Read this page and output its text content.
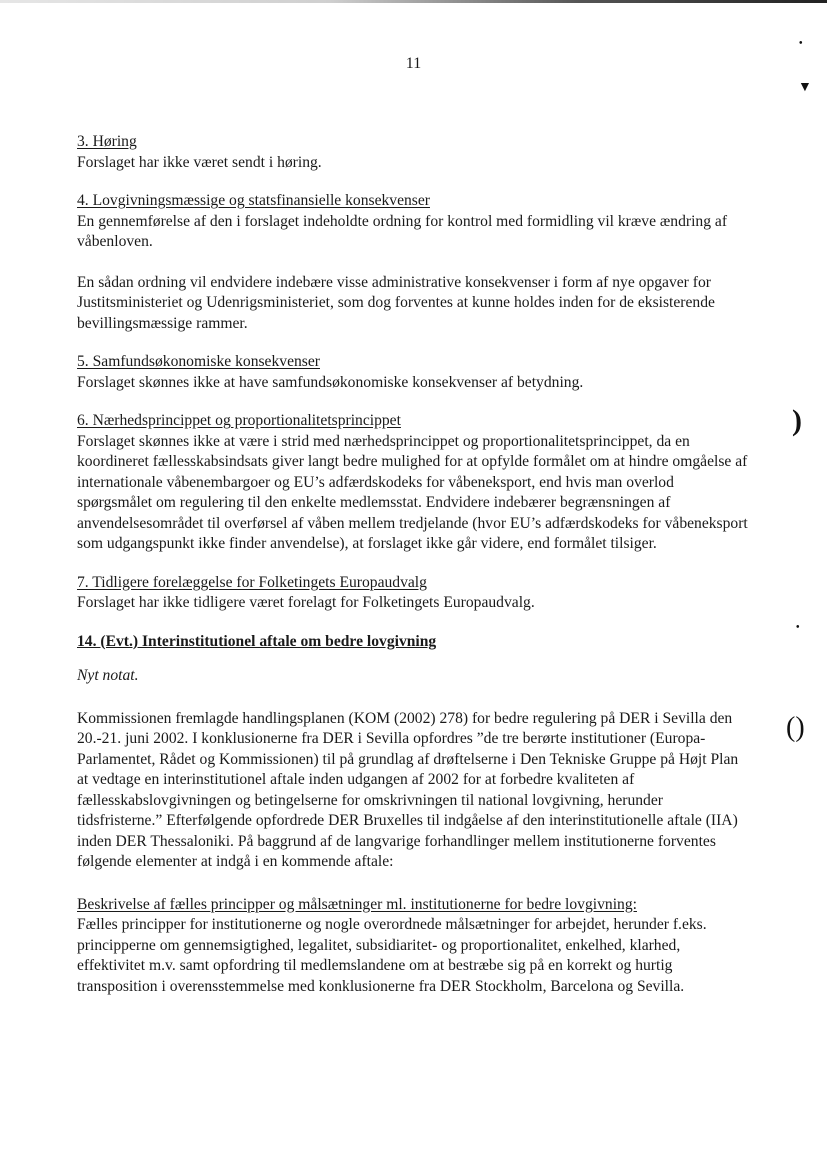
11
•
▼
)
•
()
3. Høring

Forslaget har ikke været sendt i høring.

4. Lovgivningsmæssige og statsfinansielle konsekvenser

En gennemførelse af den i forslaget indeholdte ordning for kontrol med formidling vil kræve ændring af våbenloven.

En sådan ordning vil endvidere indebære visse administrative konsekvenser i form af nye opgaver for Justitsministeriet og Udenrigsministeriet, som dog forventes at kunne holdes inden for de eksisterende bevillingsmæssige rammer.

5. Samfundsøkonomiske konsekvenser

Forslaget skønnes ikke at have samfundsøkonomiske konsekvenser af betydning.

6. Nærhedsprincippet og proportionalitetsprincippet

Forslaget skønnes ikke at være i strid med nærhedsprincippet og proportionalitetsprincippet, da en koordineret fællesskabsindsats giver langt bedre mulighed for at opfylde formålet om at hindre omgåelse af internationale våbenembargoer og EU’s adfærdskodeks for våbeneksport, end hvis man overlod spørgsmålet om regulering til den enkelte medlemsstat. Endvidere indebærer begrænsningen af anvendelsesområdet til overførsel af våben mellem tredjelande (hvor EU’s adfærdskodeks for våbeneksport som udgangspunkt ikke finder anvendelse), at forslaget ikke går videre, end formålet tilsiger.

7. Tidligere forelæggelse for Folketingets Europaudvalg

Forslaget har ikke tidligere været forelagt for Folketingets Europaudvalg.

14. (Evt.) Interinstitutionel aftale om bedre lovgivning
Nyt notat.

Kommissionen fremlagde handlingsplanen (KOM (2002) 278) for bedre regulering på DER i Sevilla den 20.-21. juni 2002. I konklusionerne fra DER i Sevilla opfordres ”de tre berørte institutioner (Europa-Parlamentet, Rådet og Kommissionen) til på grundlag af drøftelserne i Den Tekniske Gruppe på Højt Plan at vedtage en interinstitutionel aftale inden udgangen af 2002 for at forbedre kvaliteten af fællesskabslovgivningen og betingelserne for omskrivningen til national lovgivning, herunder tidsfristerne.” Efterfølgende opfordrede DER Bruxelles til indgåelse af den interinstitutionelle aftale (IIA) inden DER Thessaloniki. På baggrund af de langvarige forhandlinger mellem institutionerne forventes følgende elementer at indgå i en kommende aftale:

Beskrivelse af fælles principper og målsætninger ml. institutionerne for bedre lovgivning:

Fælles principper for institutionerne og nogle overordnede målsætninger for arbejdet, herunder f.eks. principperne om gennemsigtighed, legalitet, subsidiaritet- og proportionalitet, enkelhed, klarhed, effektivitet m.v. samt opfordring til medlemslandene om at bestræbe sig på en korrekt og hurtig transposition i overensstemmelse med konklusionerne fra DER Stockholm, Barcelona og Sevilla.
